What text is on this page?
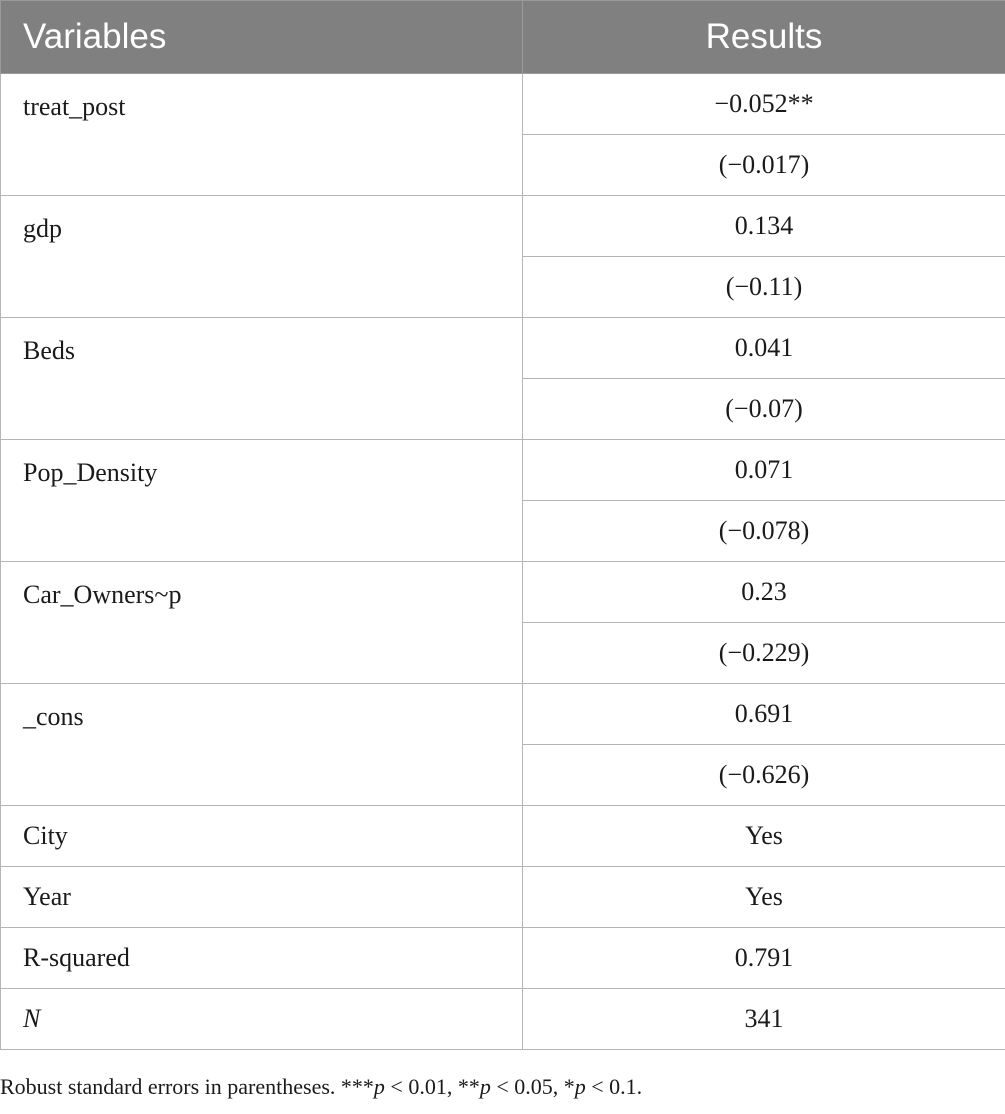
Variables	Results
treat_post	−0.052**
	(−0.017)
gdp	0.134
	(−0.11)
Beds	0.041
	(−0.07)
Pop_Density	0.071
	(−0.078)
Car_Owners~p	0.23
	(−0.229)
_cons	0.691
	(−0.626)
City	Yes
Year	Yes
R-squared	0.791
N	341
Robust standard errors in parentheses. ***p < 0.01, **p < 0.05, *p < 0.1.
